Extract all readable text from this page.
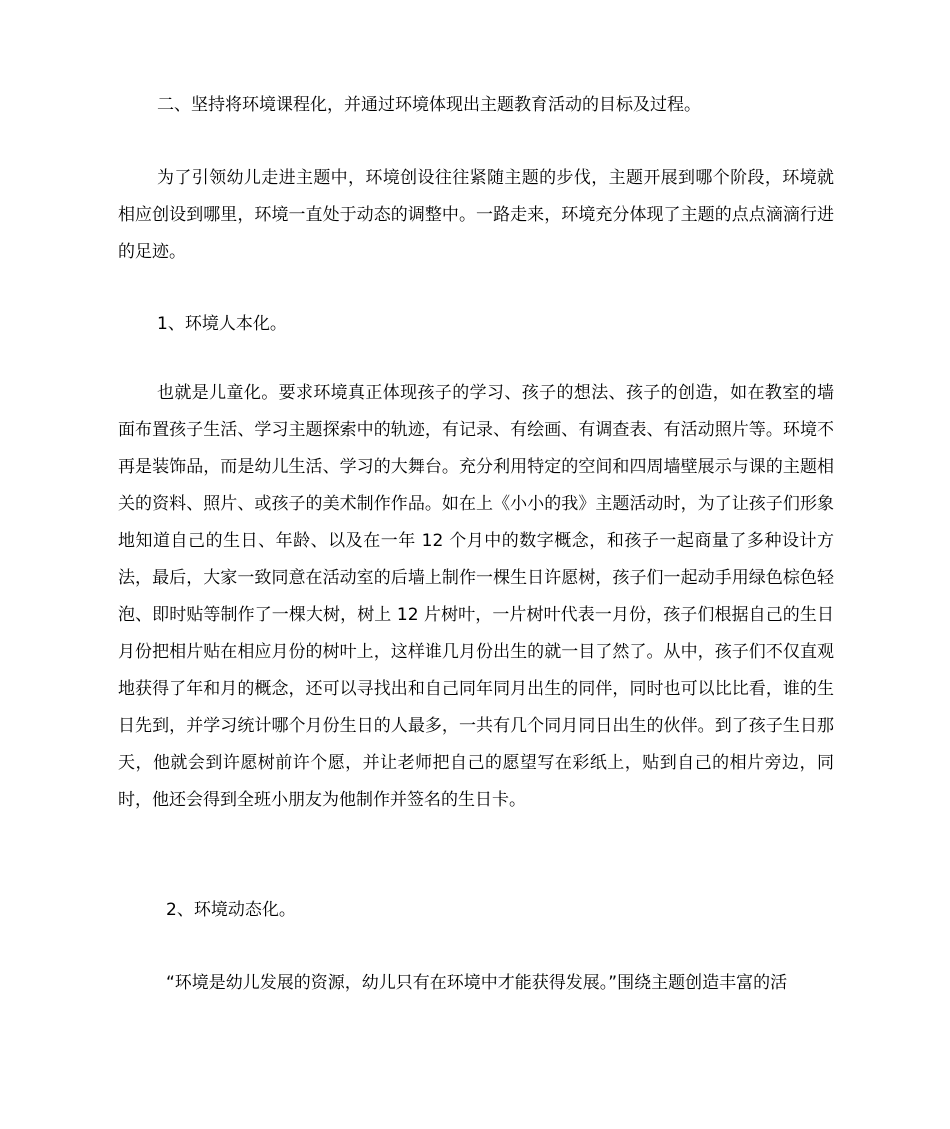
二、坚持将环境课程化，并通过环境体现出主题教育活动的目标及过程。

为了引领幼儿走进主题中，环境创设往往紧随主题的步伐，主题开展到哪个阶段，环境就相应创设到哪里，环境一直处于动态的调整中。一路走来，环境充分体现了主题的点点滴滴行进的足迹。

1、环境人本化。

也就是儿童化。要求环境真正体现孩子的学习、孩子的想法、孩子的创造，如在教室的墙面布置孩子生活、学习主题探索中的轨迹，有记录、有绘画、有调查表、有活动照片等。环境不再是装饰品，而是幼儿生活、学习的大舞台。充分利用特定的空间和四周墙壁展示与课的主题相关的资料、照片、或孩子的美术制作作品。如在上《小小的我》主题活动时，为了让孩子们形象地知道自己的生日、年龄、以及在一年 12 个月中的数字概念，和孩子一起商量了多种设计方法，最后，大家一致同意在活动室的后墙上制作一棵生日许愿树，孩子们一起动手用绿色棕色轻泡、即时贴等制作了一棵大树，树上 12 片树叶，一片树叶代表一月份，孩子们根据自己的生日月份把相片贴在相应月份的树叶上，这样谁几月份出生的就一目了然了。从中，孩子们不仅直观地获得了年和月的概念，还可以寻找出和自己同年同月出生的同伴，同时也可以比比看，谁的生日先到，并学习统计哪个月份生日的人最多，一共有几个同月同日出生的伙伴。到了孩子生日那天，他就会到许愿树前许个愿，并让老师把自己的愿望写在彩纸上，贴到自己的相片旁边，同时，他还会得到全班小朋友为他制作并签名的生日卡。

2、环境动态化。

“环境是幼儿发展的资源，幼儿只有在环境中才能获得发展。”围绕主题创造丰富的活
